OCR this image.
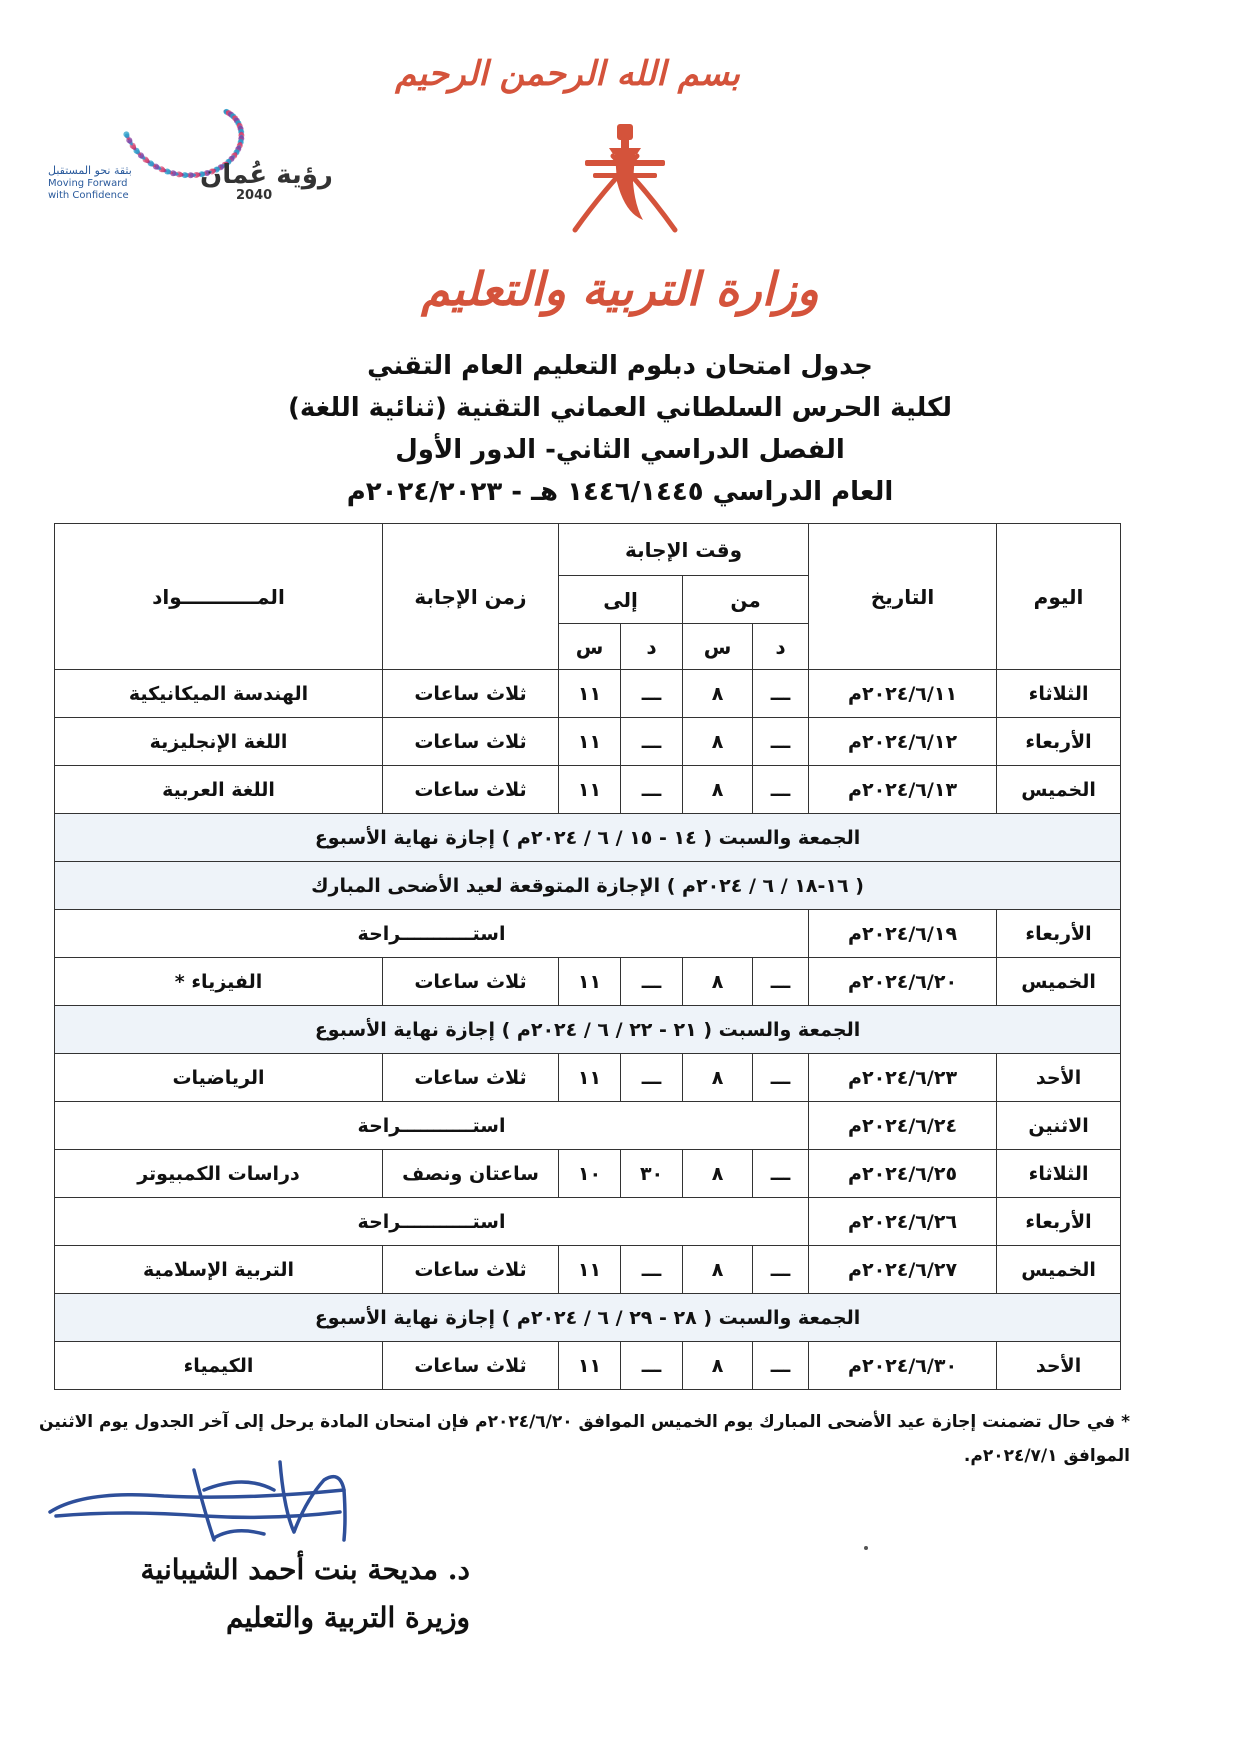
رؤية عُمان
2040
بثقة نحو المستقبل
Moving Forward
with Confidence
بسم الله الرحمن الرحيم
وزارة التربية والتعليم
جدول امتحان دبلوم التعليم العام التقني
لكلية الحرس السلطاني العماني التقنية (ثنائية اللغة)
الفصل الدراسي الثاني- الدور الأول
العام الدراسي ١٤٤٦/١٤٤٥ هـ - ٢٠٢٤/٢٠٢٣م
اليوم	التاريخ	وقت الإجابة				زمن الإجابة	المـــــــــــواد
		من		إلى			
		د	س	د	س		
الثلاثاء	٢٠٢٤/٦/١١م	ـــ	٨	ـــ	١١	ثلاث ساعات	الهندسة الميكانيكية
الأربعاء	٢٠٢٤/٦/١٢م	ـــ	٨	ـــ	١١	ثلاث ساعات	اللغة الإنجليزية
الخميس	٢٠٢٤/٦/١٣م	ـــ	٨	ـــ	١١	ثلاث ساعات	اللغة العربية
الجمعة والسبت ( ١٤ - ١٥ / ٦ / ٢٠٢٤م ) إجازة نهاية الأسبوع							
( ١٦-١٨ / ٦ / ٢٠٢٤م ) الإجازة المتوقعة لعيد الأضحى المبارك							
الأربعاء	٢٠٢٤/٦/١٩م	استـــــــــــراحة					
الخميس	٢٠٢٤/٦/٢٠م	ـــ	٨	ـــ	١١	ثلاث ساعات	الفيزياء *
الجمعة والسبت ( ٢١ - ٢٢ / ٦ / ٢٠٢٤م ) إجازة نهاية الأسبوع							
الأحد	٢٠٢٤/٦/٢٣م	ـــ	٨	ـــ	١١	ثلاث ساعات	الرياضيات
الاثنين	٢٠٢٤/٦/٢٤م	استـــــــــــراحة					
الثلاثاء	٢٠٢٤/٦/٢٥م	ـــ	٨	٣٠	١٠	ساعتان ونصف	دراسات الكمبيوتر
الأربعاء	٢٠٢٤/٦/٢٦م	استـــــــــــراحة					
الخميس	٢٠٢٤/٦/٢٧م	ـــ	٨	ـــ	١١	ثلاث ساعات	التربية الإسلامية
الجمعة والسبت ( ٢٨ - ٢٩ / ٦ / ٢٠٢٤م ) إجازة نهاية الأسبوع							
الأحد	٢٠٢٤/٦/٣٠م	ـــ	٨	ـــ	١١	ثلاث ساعات	الكيمياء
* في حال تضمنت إجازة عيد الأضحى المبارك يوم الخميس الموافق ٢٠٢٤/٦/٢٠م فإن امتحان المادة يرحل إلى آخر الجدول يوم الاثنين
الموافق ٢٠٢٤/٧/١م.
د. مديحة بنت أحمد الشيبانية
وزيرة التربية والتعليم
